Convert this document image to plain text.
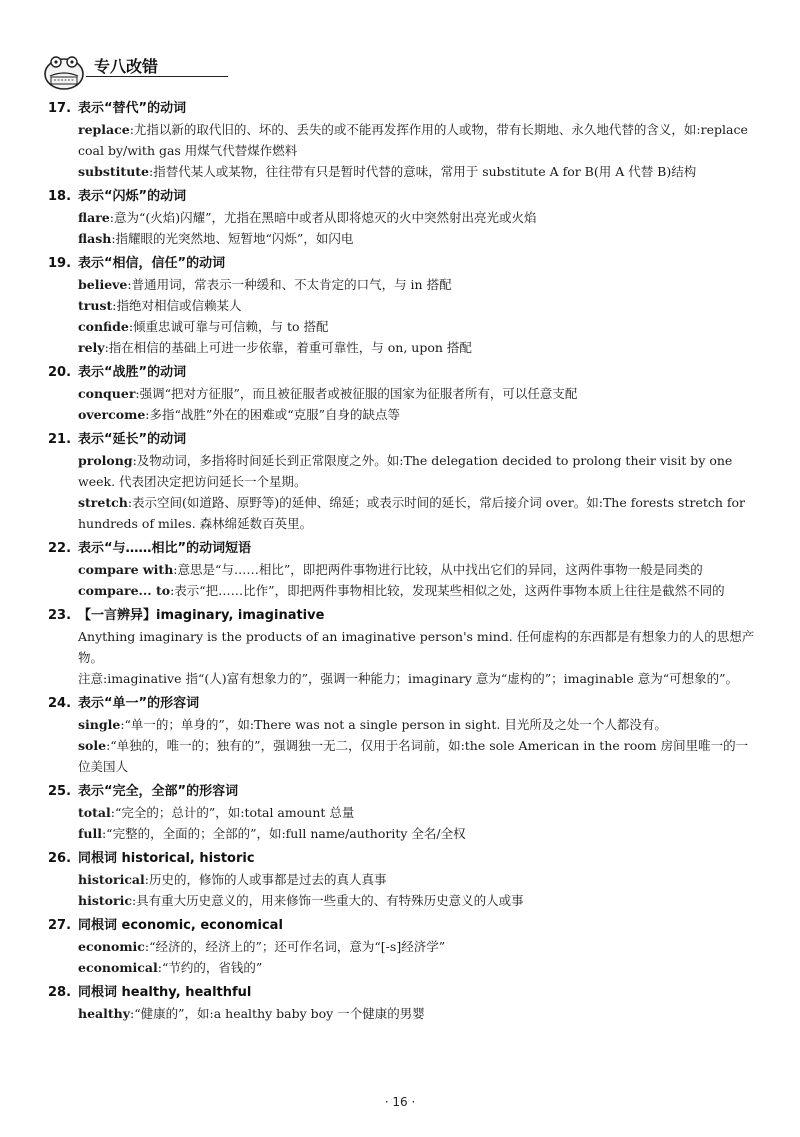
专八改错
17. 表示“替代”的动词
replace:尤指以新的取代旧的、坏的、丢失的或不能再发挥作用的人或物，带有长期地、永久地代替的含义，如:replace coal by/with gas 用煤气代替煤作燃料
substitute:指替代某人或某物，往往带有只是暂时代替的意味，常用于 substitute A for B(用 A 代替 B)结构
18. 表示“闪烁”的动词
flare:意为“(火焰)闪耀”，尤指在黑暗中或者从即将熄灭的火中突然射出亮光或火焰
flash:指耀眼的光突然地、短暂地“闪烁”，如闪电
19. 表示“相信，信任”的动词
believe:普通用词，常表示一种缓和、不太肯定的口气，与 in 搭配
trust:指绝对相信或信赖某人
confide:倾重忠诚可靠与可信赖，与 to 搭配
rely:指在相信的基础上可进一步依靠，着重可靠性，与 on, upon 搭配
20. 表示“战胜”的动词
conquer:强调“把对方征服”，而且被征服者或被征服的国家为征服者所有，可以任意支配
overcome:多指“战胜”外在的困难或“克服”自身的缺点等
21. 表示“延长”的动词
prolong:及物动词，多指将时间延长到正常限度之外。如:The delegation decided to prolong their visit by one week. 代表团决定把访问延长一个星期。
stretch:表示空间(如道路、原野等)的延伸、绵延；或表示时间的延长，常后接介词 over。如:The forests stretch for hundreds of miles. 森林绵延数百英里。
22. 表示“与……相比”的动词短语
compare with:意思是“与……相比”，即把两件事物进行比较，从中找出它们的异同，这两件事物一般是同类的
compare... to:表示“把……比作”，即把两件事物相比较，发现某些相似之处，这两件事物本质上往往是截然不同的
23. 【一言辨异】imaginary, imaginative
Anything imaginary is the products of an imaginative person's mind. 任何虚构的东西都是有想象力的人的思想产物。
注意:imaginative 指“(人)富有想象力的”，强调一种能力；imaginary 意为“虚构的”；imaginable 意为“可想象的”。
24. 表示“单一”的形容词
single:“单一的；单身的”，如:There was not a single person in sight. 目光所及之处一个人都没有。
sole:“单独的，唯一的；独有的”，强调独一无二，仅用于名词前，如:the sole American in the room 房间里唯一的一位美国人
25. 表示“完全，全部”的形容词
total:“完全的；总计的”，如:total amount 总量
full:“完整的，全面的；全部的”，如:full name/authority 全名/全权
26. 同根词 historical, historic
historical:历史的，修饰的人或事都是过去的真人真事
historic:具有重大历史意义的，用来修饰一些重大的、有特殊历史意义的人或事
27. 同根词 economic, economical
economic:“经济的，经济上的”；还可作名词，意为“[-s]经济学”
economical:“节约的，省钱的”
28. 同根词 healthy, healthful
healthy:“健康的”，如:a healthy baby boy 一个健康的男婴
· 16 ·
